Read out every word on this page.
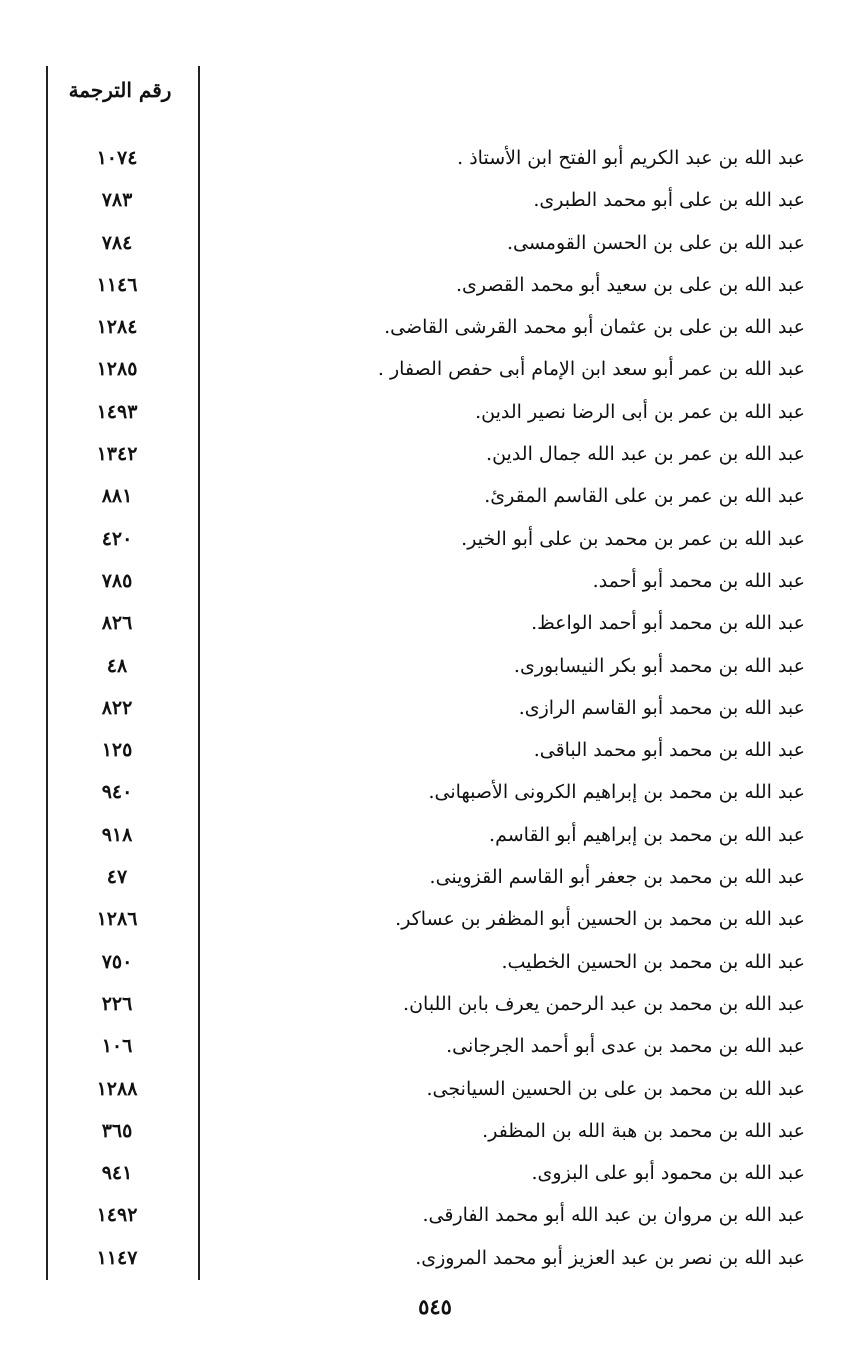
رقم الترجمة
١٠٧٤	عبد الله بن عبد الكريم أبو الفتح ابن الأستاذ .
٧٨٣	عبد الله بن على أبو محمد الطبرى.
٧٨٤	عبد الله بن على بن الحسن القومسى.
١١٤٦	عبد الله بن على بن سعيد أبو محمد القصرى.
١٢٨٤	عبد الله بن على بن عثمان أبو محمد القرشى القاضى.
١٢٨٥	عبد الله بن عمر أبو سعد ابن الإمام أبى حفص الصفار .
١٤٩٣	عبد الله بن عمر بن أبى الرضا نصير الدين.
١٣٤٢	عبد الله بن عمر بن عبد الله جمال الدين.
٨٨١	عبد الله بن عمر بن على القاسم المقرئ.
٤٢٠	عبد الله بن عمر بن محمد بن على أبو الخير.
٧٨٥	عبد الله بن محمد أبو أحمد.
٨٢٦	عبد الله بن محمد أبو أحمد الواعظ.
٤٨	عبد الله بن محمد أبو بكر النيسابورى.
٨٢٢	عبد الله بن محمد أبو القاسم الرازى.
١٢٥	عبد الله بن محمد أبو محمد الباقى.
٩٤٠	عبد الله بن محمد بن إبراهيم الكرونى الأصبهانى.
٩١٨	عبد الله بن محمد بن إبراهيم أبو القاسم.
٤٧	عبد الله بن محمد بن جعفر أبو القاسم القزوينى.
١٢٨٦	عبد الله بن محمد بن الحسين أبو المظفر بن عساكر.
٧٥٠	عبد الله بن محمد بن الحسين الخطيب.
٢٢٦	عبد الله بن محمد بن عبد الرحمن يعرف بابن اللبان.
١٠٦	عبد الله بن محمد بن عدى أبو أحمد الجرجانى.
١٢٨٨	عبد الله بن محمد بن على بن الحسين السيانجى.
٣٦٥	عبد الله بن محمد بن هبة الله بن المظفر.
٩٤١	عبد الله بن محمود أبو على البزوى.
١٤٩٢	عبد الله بن مروان بن عبد الله أبو محمد الفارقى.
١١٤٧	عبد الله بن نصر بن عبد العزيز أبو محمد المروزى.
٥٤٥
